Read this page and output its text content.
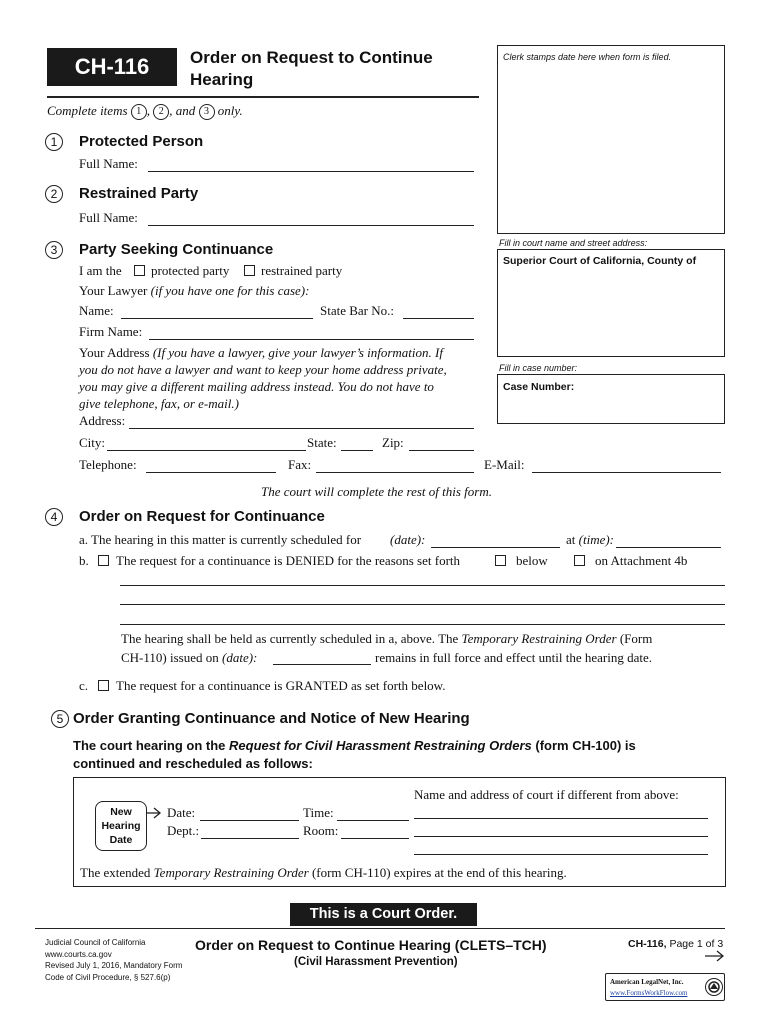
CH-116	Order on Request to Continue
Hearing
Clerk stamps date here when form is filed.
Fill in court name and street address:
Superior Court of California, County of
Fill in case number:
Case Number:
Complete items 1 , 2 , and 3 only.
1	Protected Person
Full Name:
2	Restrained Party
Full Name:
3	Party Seeking Continuance
I am the protected party restrained party
Your Lawyer (if you have one for this case):
Name:	State Bar No.:
Firm Name:
Your Address (If you have a lawyer, give your lawyer’s information. If
you do not have a lawyer and want to keep your home address private,
you may give a different mailing address instead. You do not have to
give telephone, fax, or e-mail.)
Address:
City:	State:	Zip:
Telephone:	Fax:	E-Mail:
The court will complete the rest of this form.
4	Order on Request for Continuance
a. The hearing in this matter is currently scheduled for (date):	at (time):
b. The request for a continuance is DENIED for the reasons set forth	below	on Attachment 4b
The hearing shall be held as currently scheduled in a, above. The Temporary Restraining Order (Form
CH-110) issued on (date):	remains in full force and effect until the hearing date.
c. The request for a continuance is GRANTED as set forth below.
5 Order Granting Continuance and Notice of New Hearing
The court hearing on the Request for Civil Harassment Restraining Orders (form CH-100) is
continued and rescheduled as follows:
New
Hearing
Date
Date:	Time:
Dept.:	Room:
Name and address of court if different from above:
The extended Temporary Restraining Order (form CH-110) expires at the end of this hearing.
This is a Court Order.
Judicial Council of California
www.courts.ca.gov
Revised July 1, 2016, Mandatory Form
Code of Civil Procedure, § 527.6(p)
Order on Request to Continue Hearing (CLETS–TCH)
(Civil Harassment Prevention)
CH-116, Page 1 of 3
American LegalNet, Inc.
www.FormsWorkFlow.com
